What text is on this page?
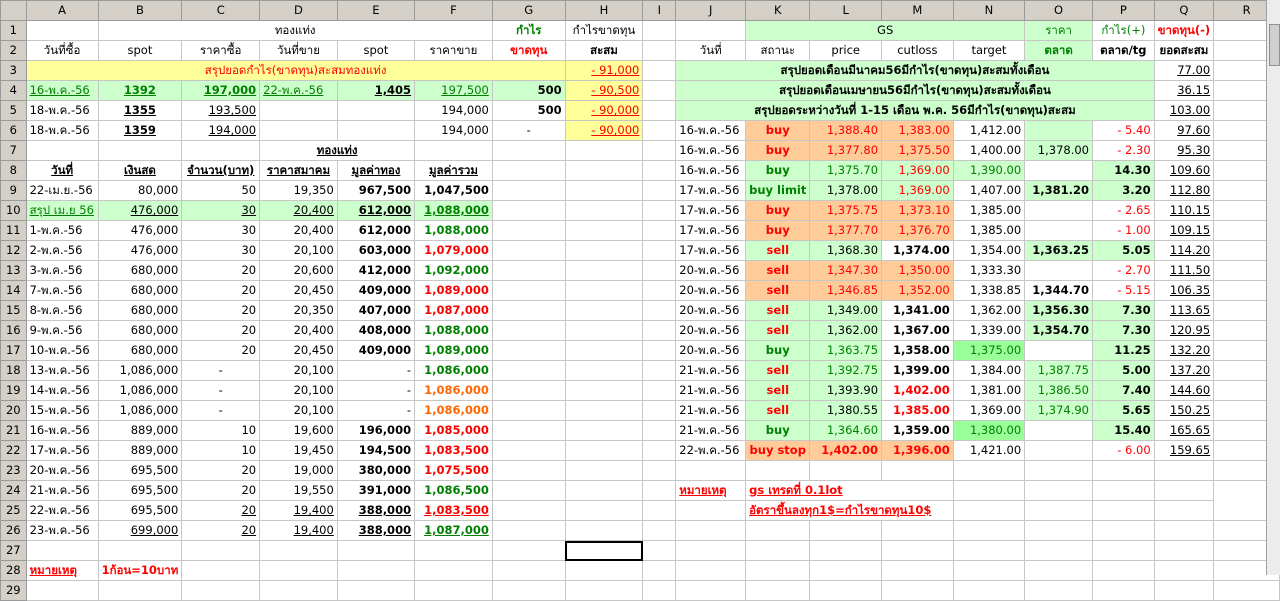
	A	B	C	D	E	F	G	H	I	J	K	L	M	N	O	P	Q	R
1		ทองแท่ง					กำไร	กำไรขาดทุน			GS				ราคา	กำไร(+)	ขาดทุน(-)	
2	วันที่ซื้อ	spot	ราคาซื้อ	วันที่ขาย	spot	ราคาขาย	ขาดทุน	สะสม		วันที่	สถานะ	price	cutloss	target	ตลาด	ตลาด/tg	ยอดสะสม	
3	สรุปยอดกำไร(ขาดทุน)สะสมทองแท่ง							- 91,000		สรุปยอดเดือนมีนาคม56มีกำไร(ขาดทุน)สะสมทั้งเดือน							77.00	
4	16-พ.ค.-56	1392	197,000	22-พ.ค.-56	1,405	197,500	500	- 90,500		สรุปยอดเดือนเมษายน56มีกำไร(ขาดทุน)สะสมทั้งเดือน							36.15	
5	18-พ.ค.-56	1355	193,500			194,000	500	- 90,000		สรุปยอดระหว่างวันที่ 1-15 เดือน พ.ค. 56มีกำไร(ขาดทุน)สะสม							103.00	
6	18-พ.ค.-56	1359	194,000			194,000	-	- 90,000		16-พ.ค.-56	buy	1,388.40	1,383.00	1,412.00		- 5.40	97.60	
7				ทองแท่ง						16-พ.ค.-56	buy	1,377.80	1,375.50	1,400.00	1,378.00	- 2.30	95.30	
8	วันที่	เงินสด	จำนวน(บาท)	ราคาสมาคม	มูลค่าทอง	มูลค่ารวม				16-พ.ค.-56	buy	1,375.70	1,369.00	1,390.00		14.30	109.60	
9	22-เม.ย.-56	80,000	50	19,350	967,500	1,047,500				17-พ.ค.-56	buy limit	1,378.00	1,369.00	1,407.00	1,381.20	3.20	112.80	
10	สรุป เม.ย 56	476,000	30	20,400	612,000	1,088,000				17-พ.ค.-56	buy	1,375.75	1,373.10	1,385.00		- 2.65	110.15	
11	1-พ.ค.-56	476,000	30	20,400	612,000	1,088,000				17-พ.ค.-56	buy	1,377.70	1,376.70	1,385.00		- 1.00	109.15	
12	2-พ.ค.-56	476,000	30	20,100	603,000	1,079,000				17-พ.ค.-56	sell	1,368.30	1,374.00	1,354.00	1,363.25	5.05	114.20	
13	3-พ.ค.-56	680,000	20	20,600	412,000	1,092,000				20-พ.ค.-56	sell	1,347.30	1,350.00	1,333.30		- 2.70	111.50	
14	7-พ.ค.-56	680,000	20	20,450	409,000	1,089,000				20-พ.ค.-56	sell	1,346.85	1,352.00	1,338.85	1,344.70	- 5.15	106.35	
15	8-พ.ค.-56	680,000	20	20,350	407,000	1,087,000				20-พ.ค.-56	sell	1,349.00	1,341.00	1,362.00	1,356.30	7.30	113.65	
16	9-พ.ค.-56	680,000	20	20,400	408,000	1,088,000				20-พ.ค.-56	sell	1,362.00	1,367.00	1,339.00	1,354.70	7.30	120.95	
17	10-พ.ค.-56	680,000	20	20,450	409,000	1,089,000				20-พ.ค.-56	buy	1,363.75	1,358.00	1,375.00		11.25	132.20	
18	13-พ.ค.-56	1,086,000	-	20,100	-	1,086,000				21-พ.ค.-56	sell	1,392.75	1,399.00	1,384.00	1,387.75	5.00	137.20	
19	14-พ.ค.-56	1,086,000	-	20,100	-	1,086,000				21-พ.ค.-56	sell	1,393.90	1,402.00	1,381.00	1,386.50	7.40	144.60	
20	15-พ.ค.-56	1,086,000	-	20,100	-	1,086,000				21-พ.ค.-56	sell	1,380.55	1,385.00	1,369.00	1,374.90	5.65	150.25	
21	16-พ.ค.-56	889,000	10	19,600	196,000	1,085,000				21-พ.ค.-56	buy	1,364.60	1,359.00	1,380.00		15.40	165.65	
22	17-พ.ค.-56	889,000	10	19,450	194,500	1,083,500				22-พ.ค.-56	buy stop	1,402.00	1,396.00	1,421.00		- 6.00	159.65	
23	20-พ.ค.-56	695,500	20	19,000	380,000	1,075,500												
24	21-พ.ค.-56	695,500	20	19,550	391,000	1,086,500				หมายเหตุ	gs เทรดที่ 0.1lot							
25	22-พ.ค.-56	695,500	20	19,400	388,000	1,083,500					อัตราขึ้นลงทุก1$=กำไรขาดทุน10$							
26	23-พ.ค.-56	699,000	20	19,400	388,000	1,087,000												
27																		
28	หมายเหตุ	1ก้อน=10บาท																
29																		
